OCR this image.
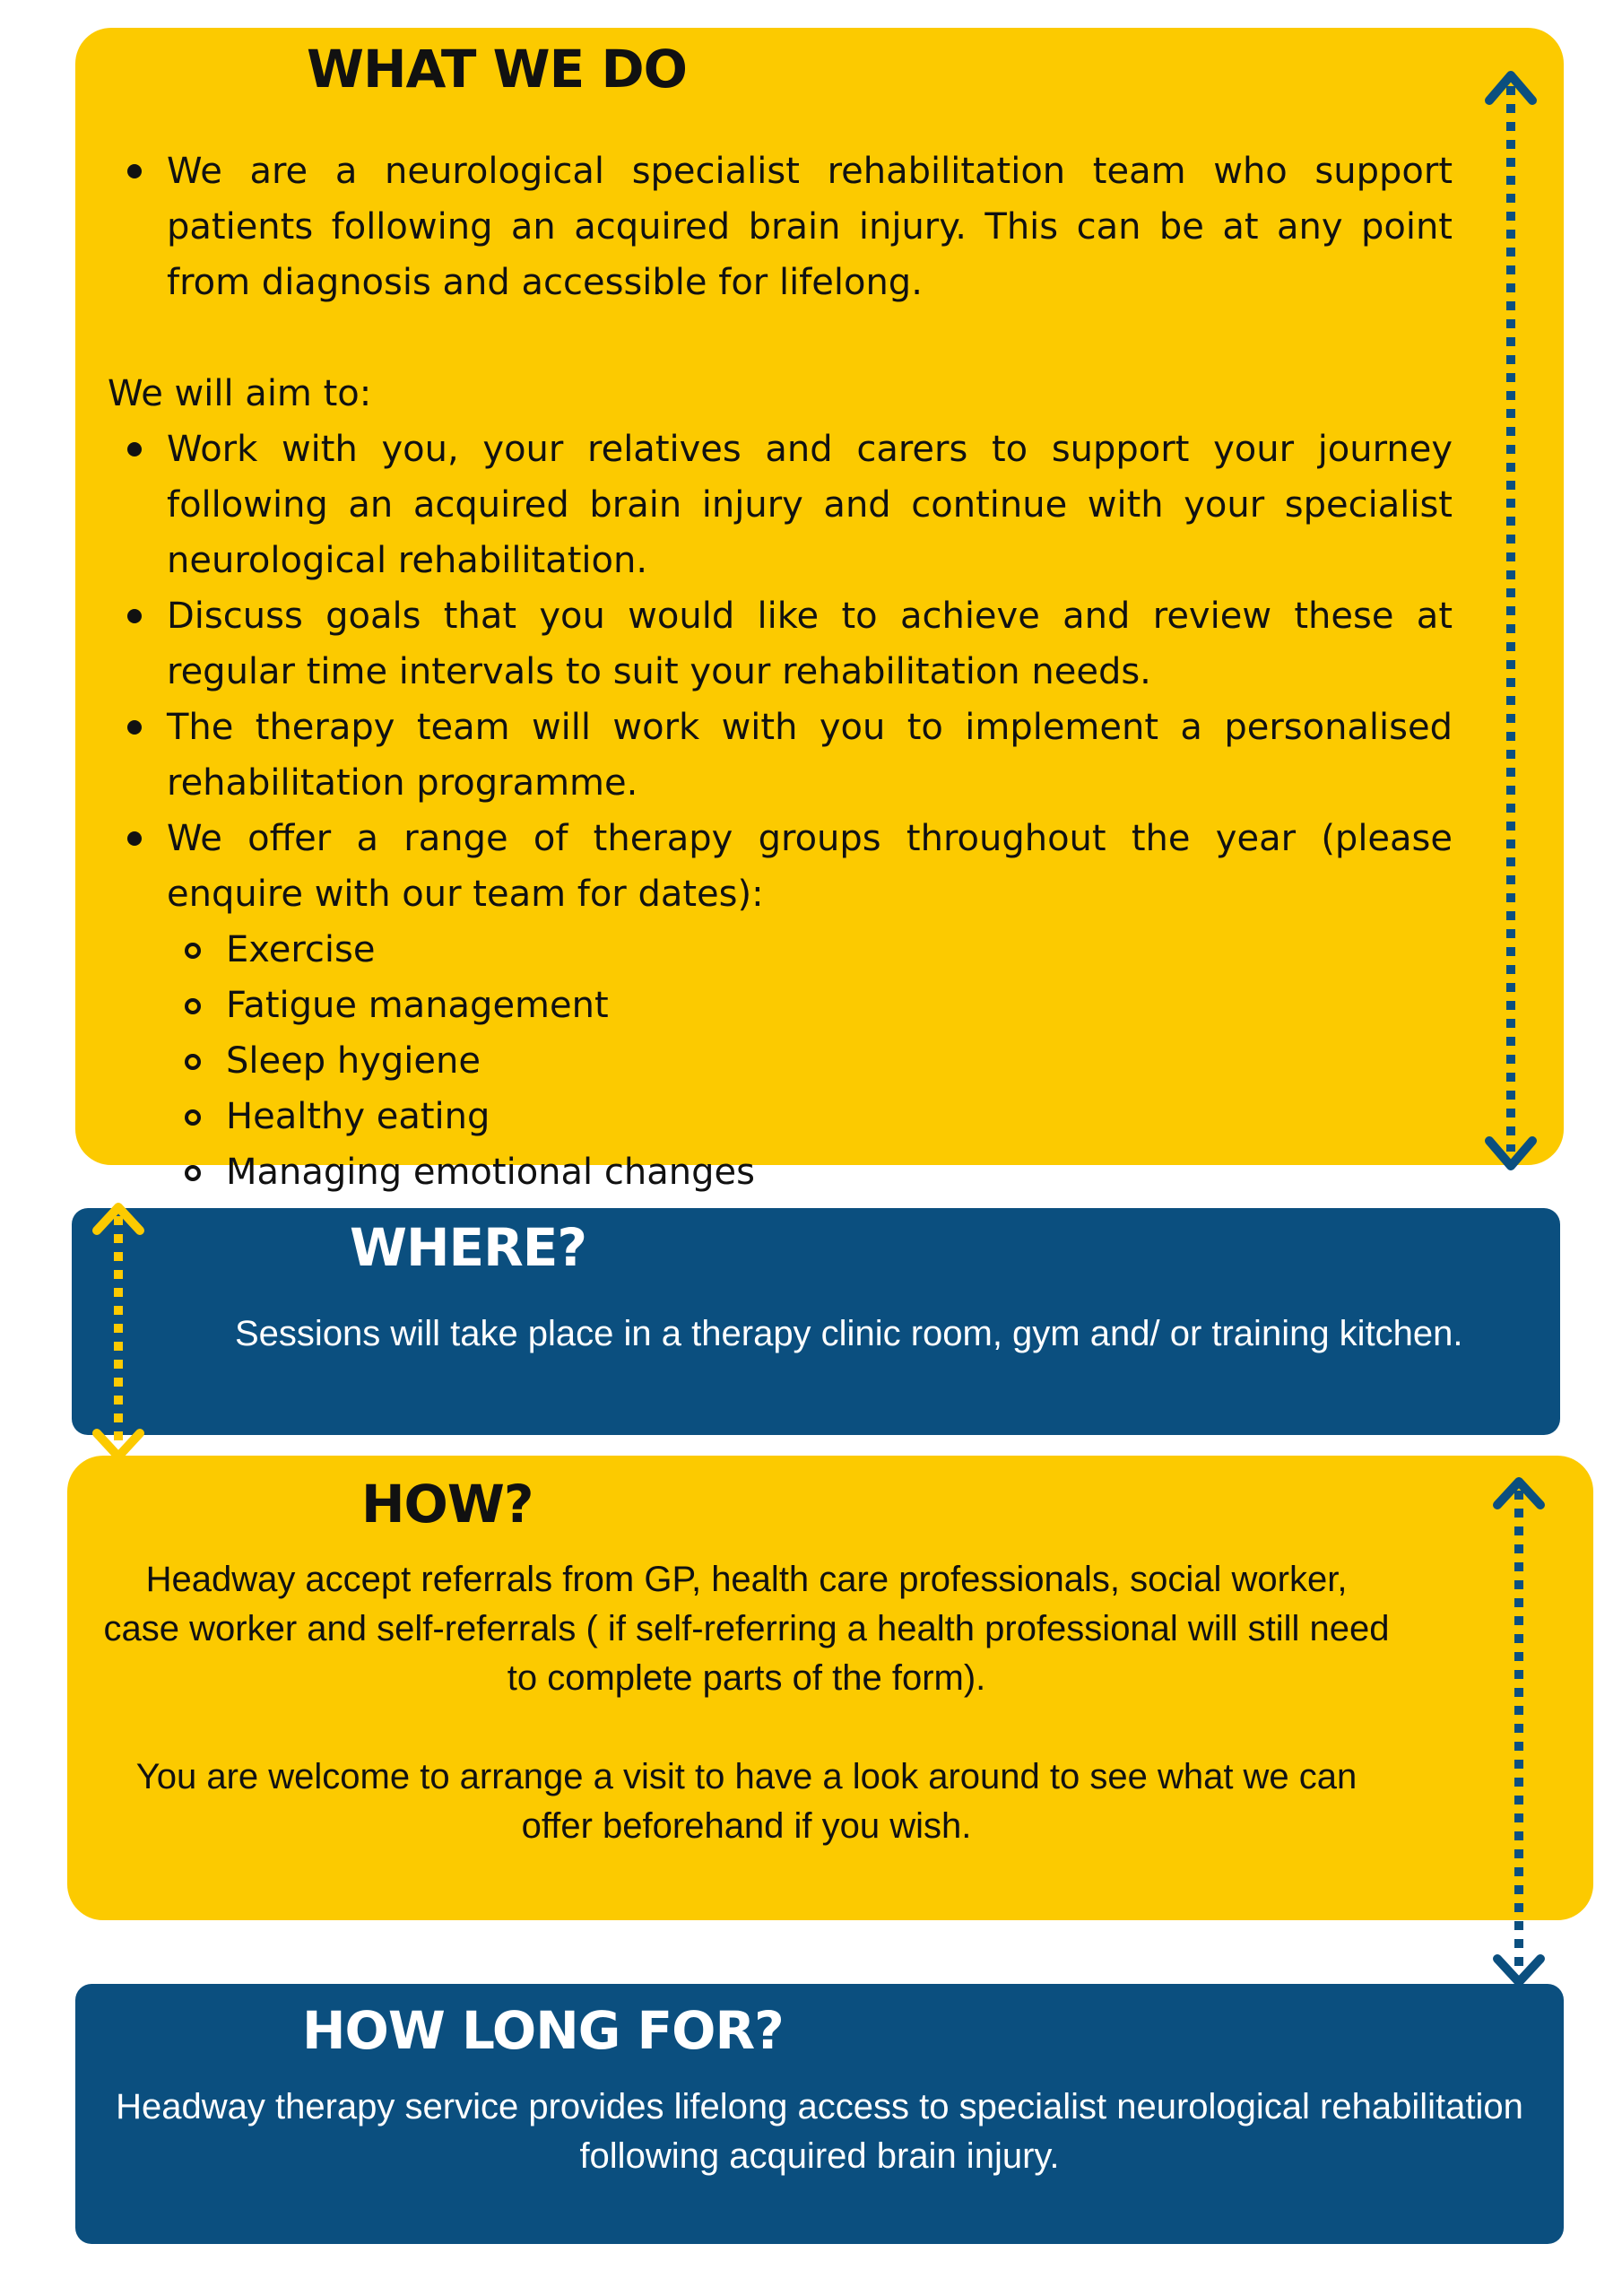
WHAT WE DO
We are a neurological specialist rehabilitation team who support patients following an acquired brain injury. This can be at any point from diagnosis and accessible for lifelong.
We will aim to:
Work with you, your relatives and carers to support your journey following an acquired brain injury and continue with your specialist neurological rehabilitation.
Discuss goals that you would like to achieve and review these at regular time intervals to suit your rehabilitation needs.
The therapy team will work with you to implement a personalised rehabilitation programme.
We offer a range of therapy groups throughout the year (please enquire with our team for dates):
Exercise
Fatigue management
Sleep hygiene
Healthy eating
Managing emotional changes
WHERE?
Sessions will take place in a therapy clinic room, gym and/ or training kitchen.
HOW?
Headway accept referrals from GP, health care professionals, social worker, case worker and self-referrals ( if self-referring a health professional will still need to complete parts of the form).
You are welcome to arrange a visit to have a look around to see what we can offer beforehand if you wish.
HOW LONG FOR?
Headway therapy service provides lifelong access to specialist neurological rehabilitation following acquired brain injury.
